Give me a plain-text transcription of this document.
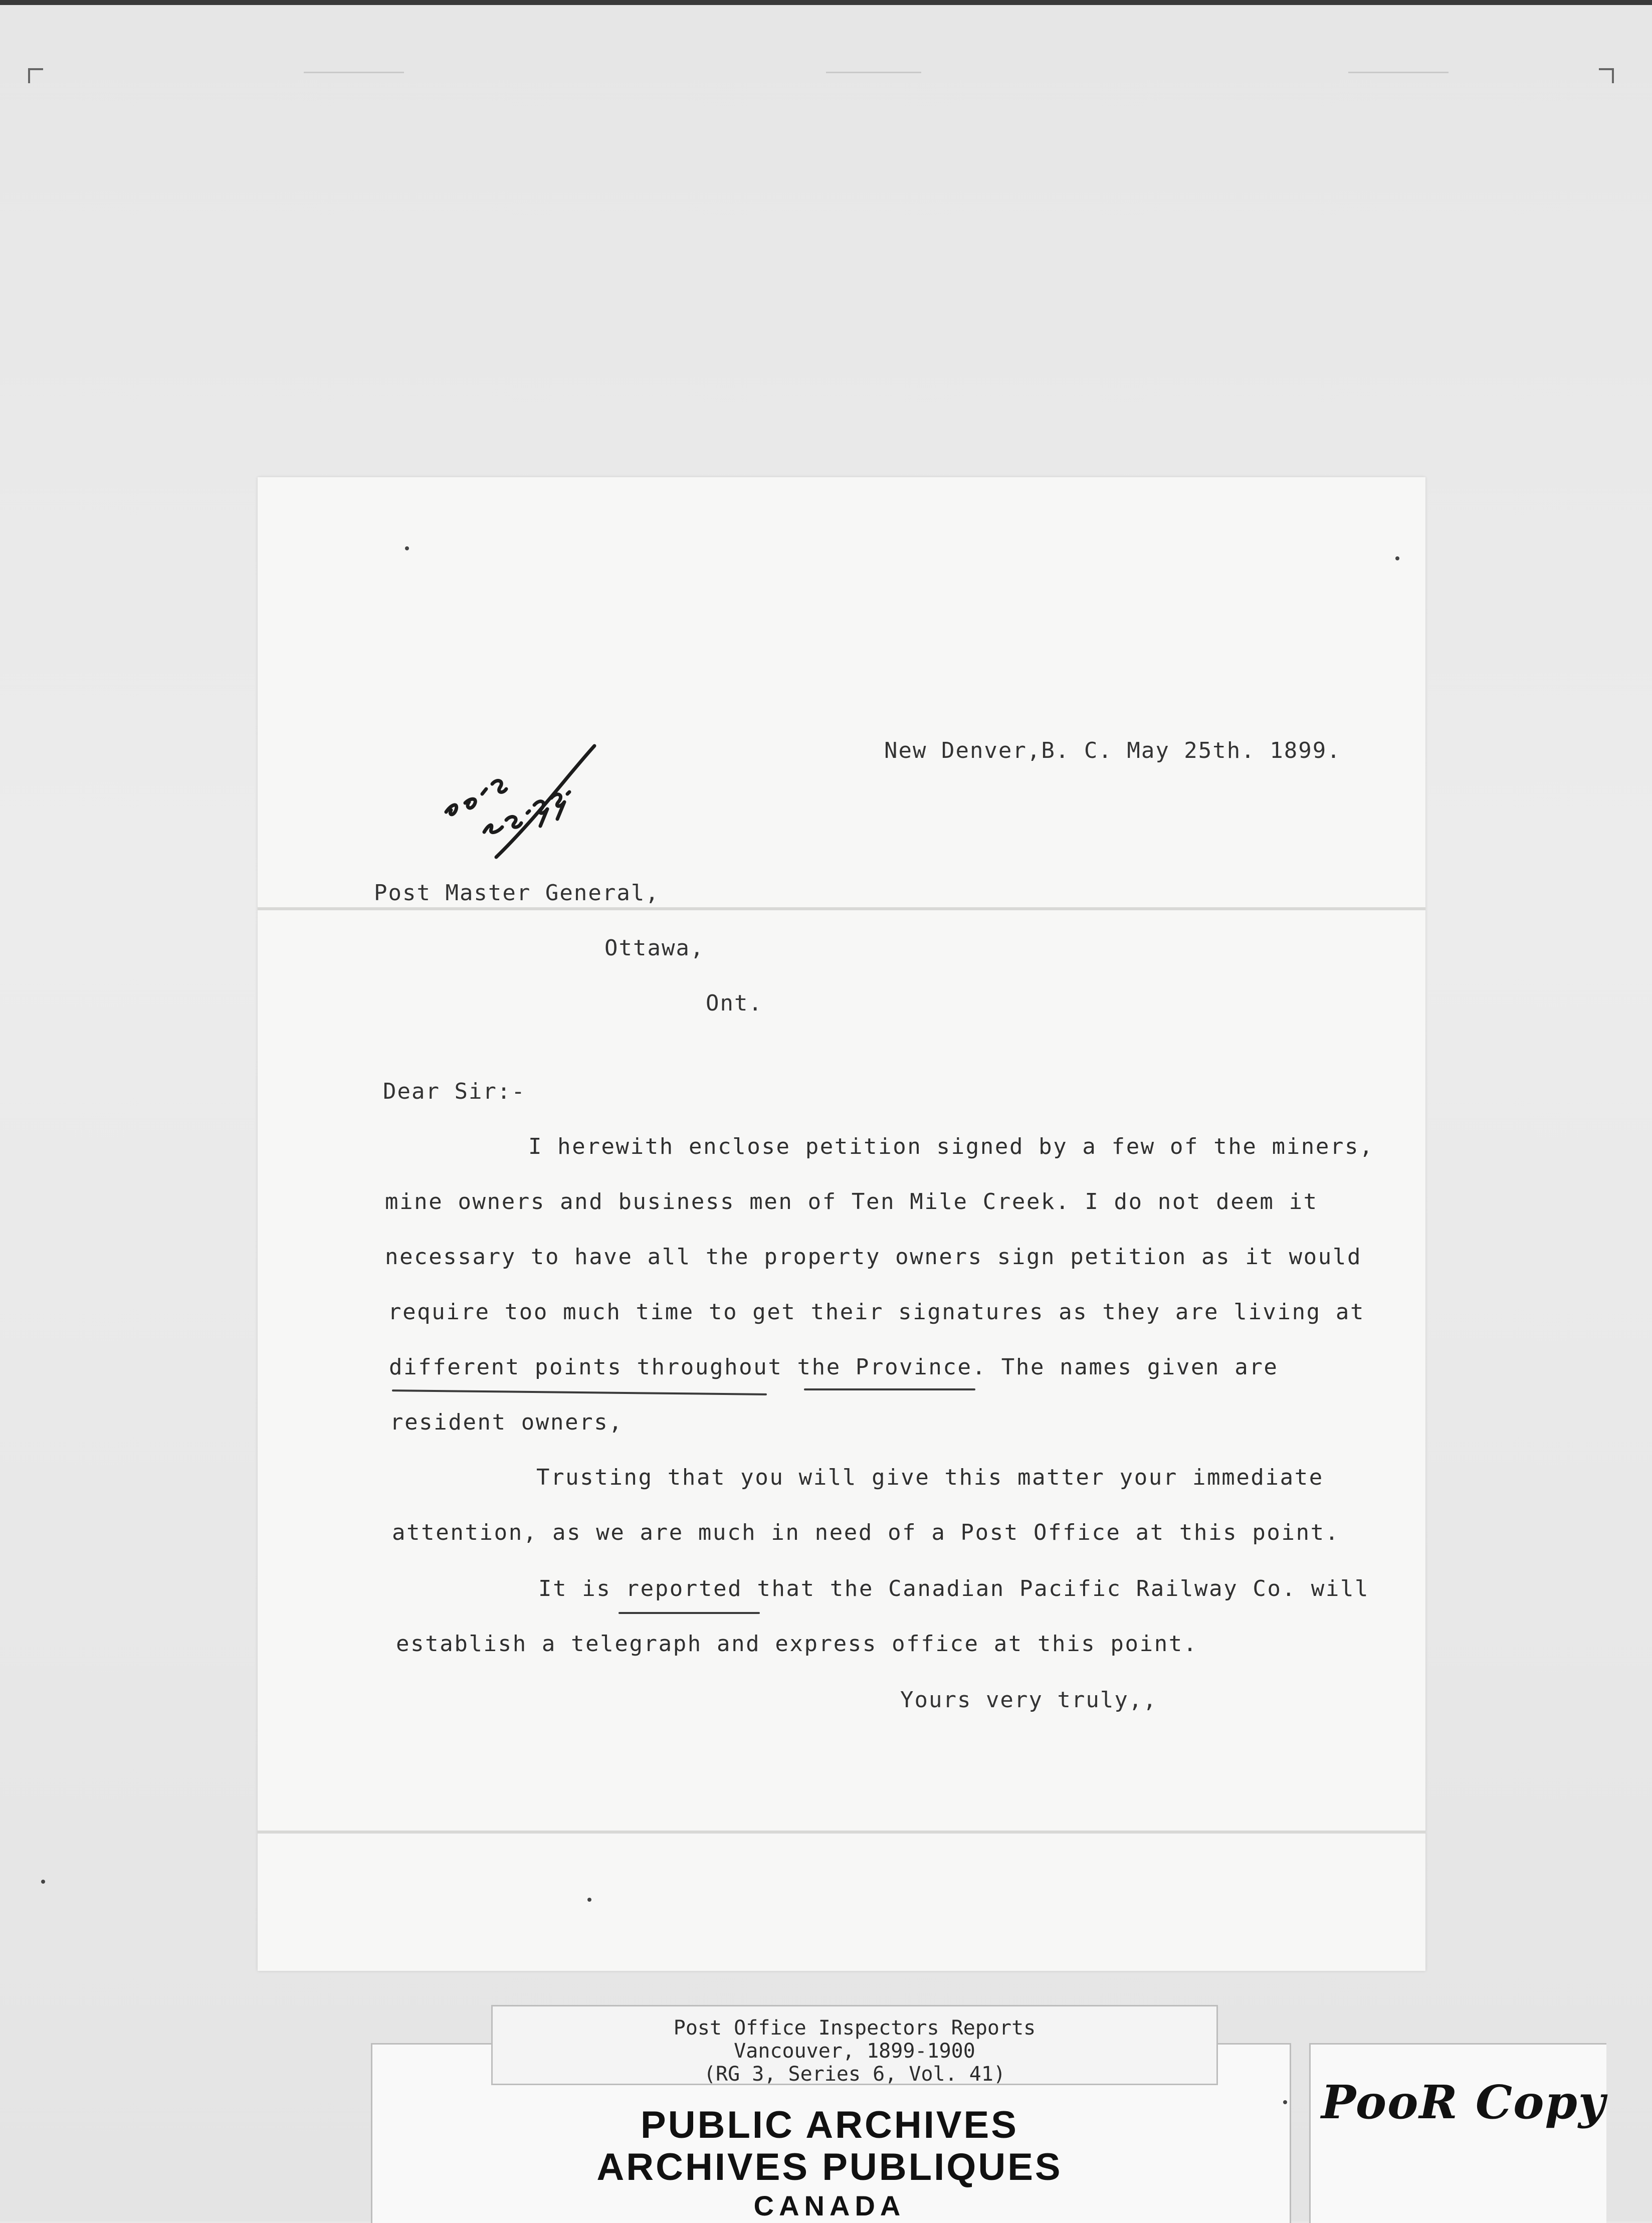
New Denver,B. C. May 25th. 1899.
Post Master General,
Ottawa,
Ont.
Dear Sir:-
I herewith enclose petition signed by a few of the miners,
mine owners and business men of Ten Mile Creek. I do not deem it
necessary to have all the property owners sign petition as it would
require too much time to get their signatures as they are living at
different points throughout the Province. The names given are
resident owners,
Trusting that you will give this matter your immediate
attention, as we are much in need of a Post Office at this point.
It is reported that the Canadian Pacific Railway Co. will
establish a telegraph and express office at this point.
Yours very truly,,
Post Office Inspectors Reports
Vancouver, 1899-1900
(RG 3, Series 6, Vol. 41)
PUBLIC ARCHIVES
ARCHIVES PUBLIQUES
CANADA
PooR Copy
